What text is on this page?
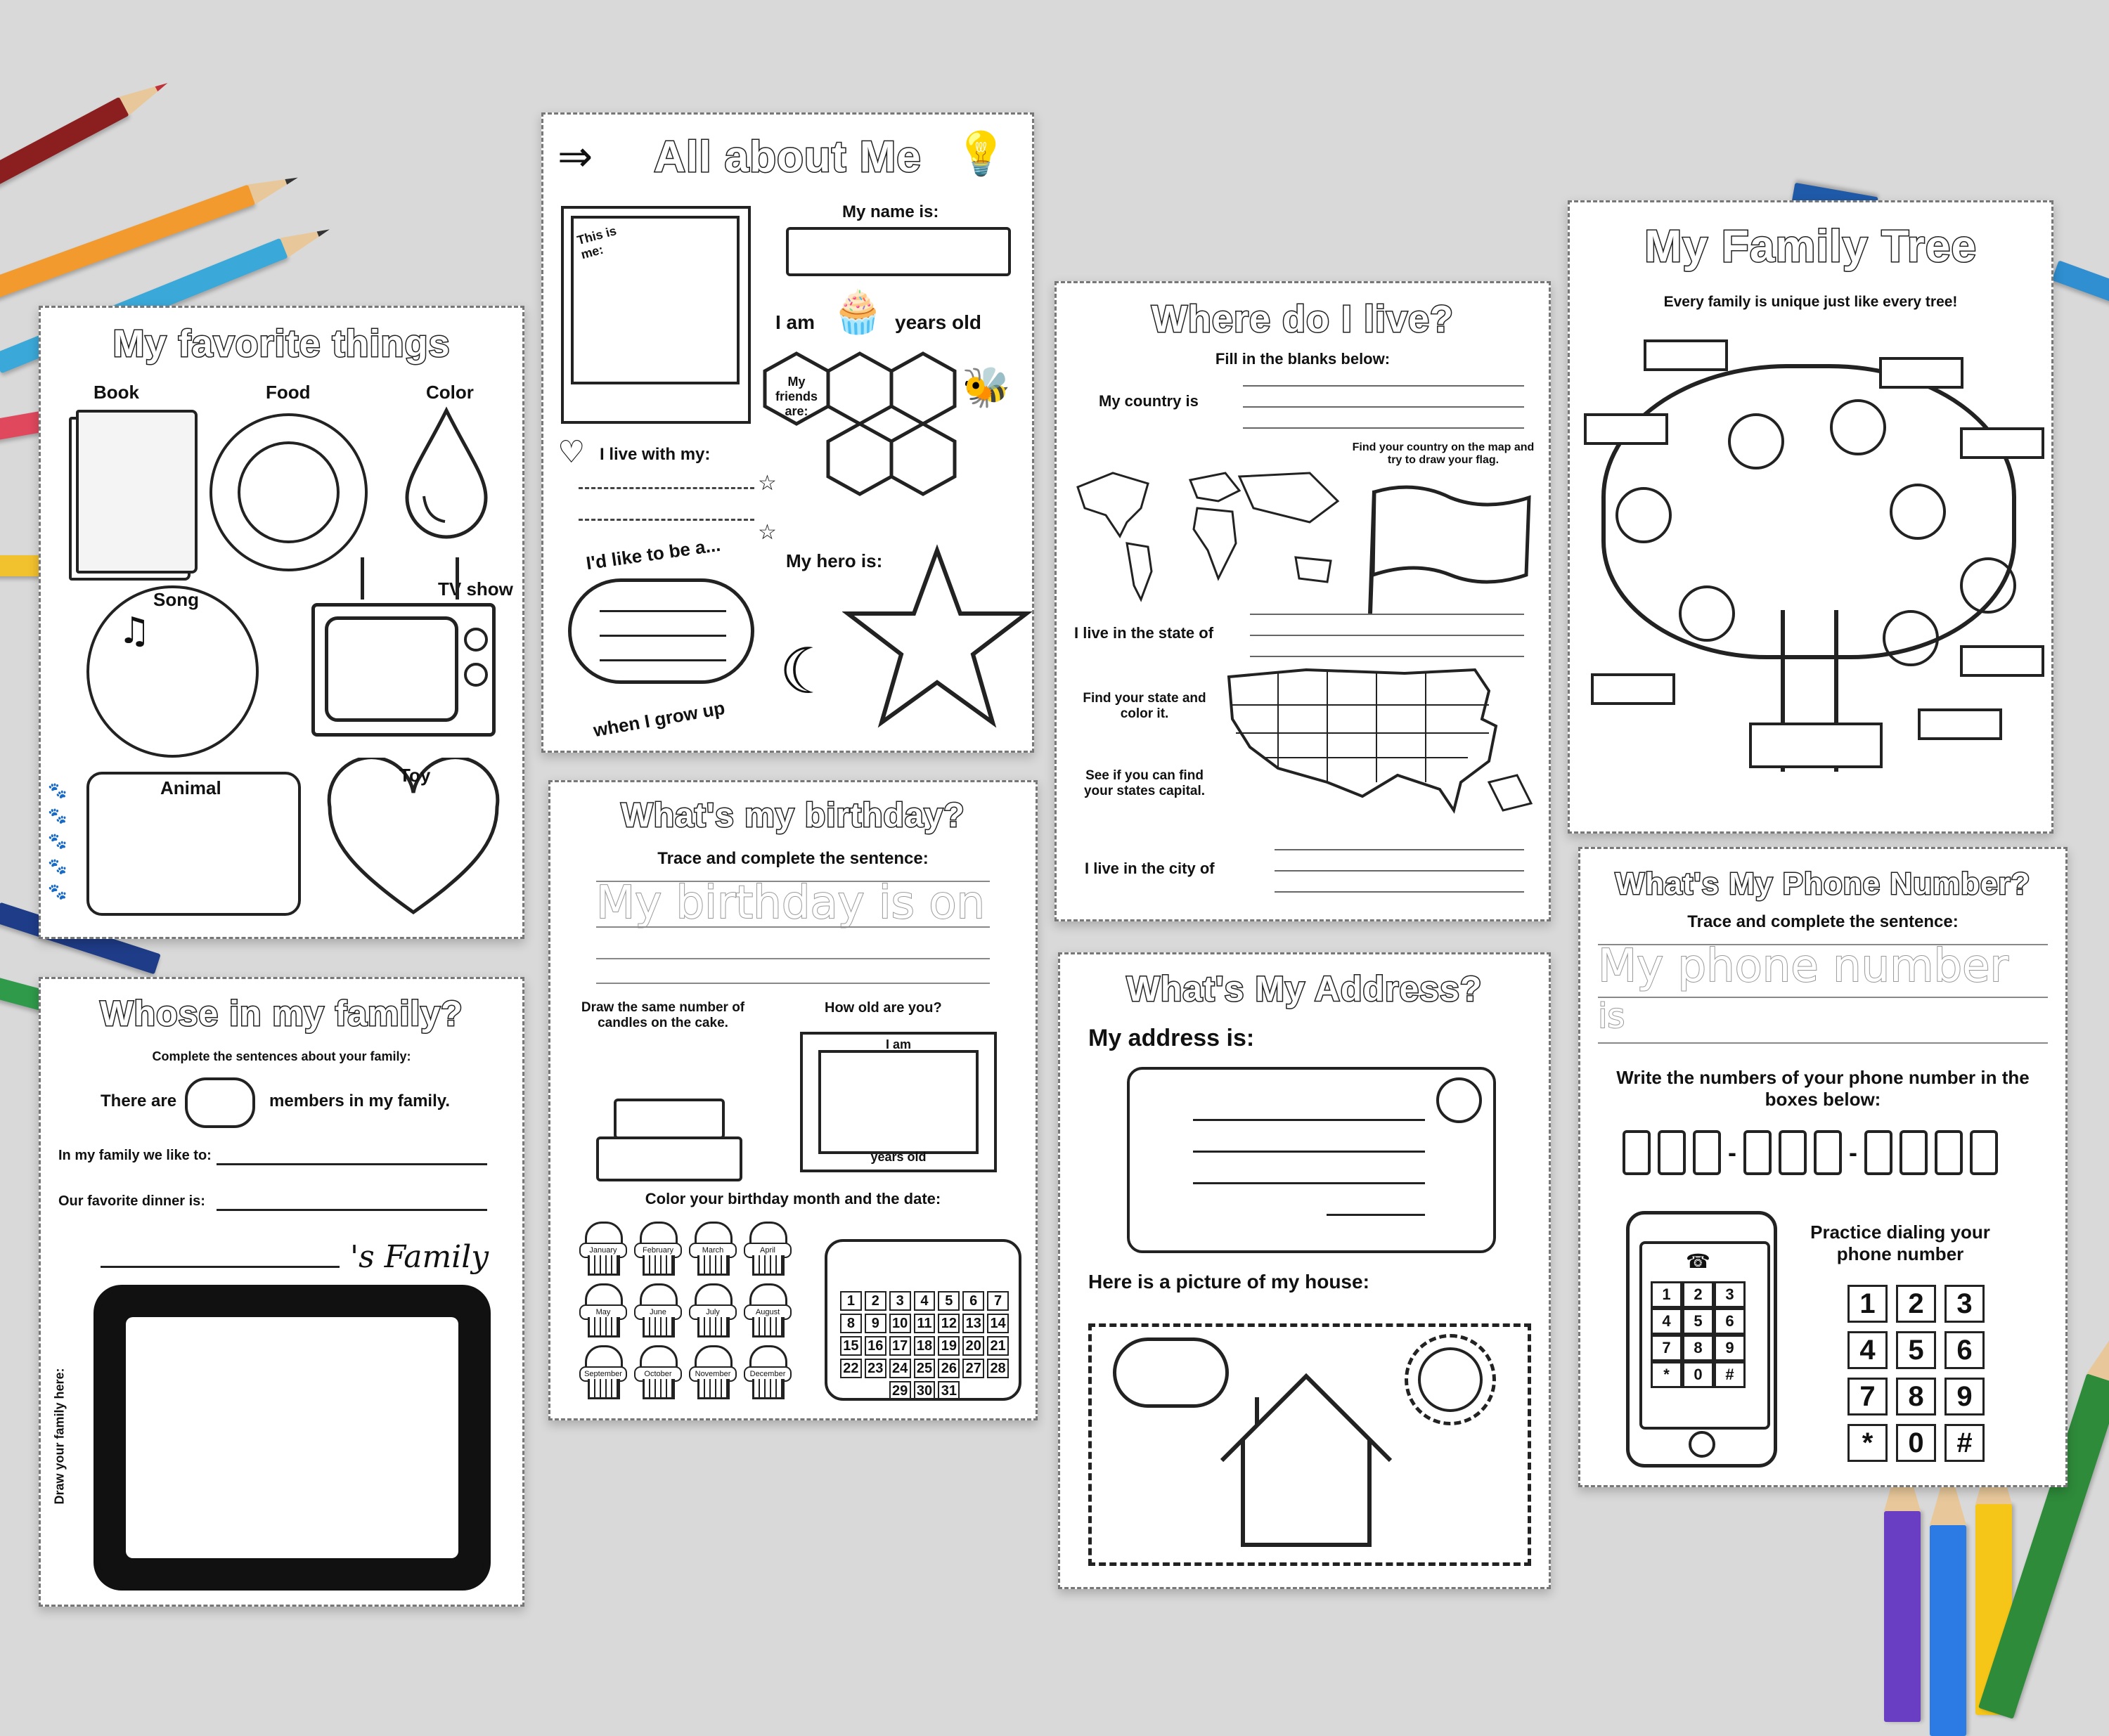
My favorite things
Book	Food	Color
Song
♫
TV show
Animal
🐾
🐾
🐾
🐾
🐾
Toy
Whose in my family?
Complete the sentences about your family:
There are	members in my family.
In my family we like to:
Our favorite dinner is:
's Family
Draw your family here:
⇒	All about Me 💡
This is me:
My name is:
I am 🧁 years old
My friends are:
🐝
♡ I live with my:
I'd like to be a...
when I grow up
My hero is:
☾
☆
☆
What's my birthday?
Trace and complete the sentence:
My birthday is on
Draw the same number of candles on the cake.
How old are you?
I am
years old
Color your birthday month and the date:
January	February	March	April
May	June	July	August
September	October	November	December
1	2	3	4	5	6	7
8	9 10 11 12 13 14
15 16 17 18 19 20 21
22 23 24 25 26 27 28
29 30 31
Where do I live?
Fill in the blanks below:
My country is
Find your country on the map and try to draw your flag.
I live in the state of
Find your state and color it.
See if you can find your states capital.
I live in the city of
What's My Address?
My address is:
Here is a picture of my house:
My Family Tree
Every family is unique just like every tree!
What's My Phone Number?
Trace and complete the sentence:
My phone number
is
Write the numbers of your phone number in the boxes below:
-	-
☎
1	2	3
4	5	6
7	8	9
*	0	#
Practice dialing your phone number
1	2	3
4	5	6
7	8	9
*	0	#
